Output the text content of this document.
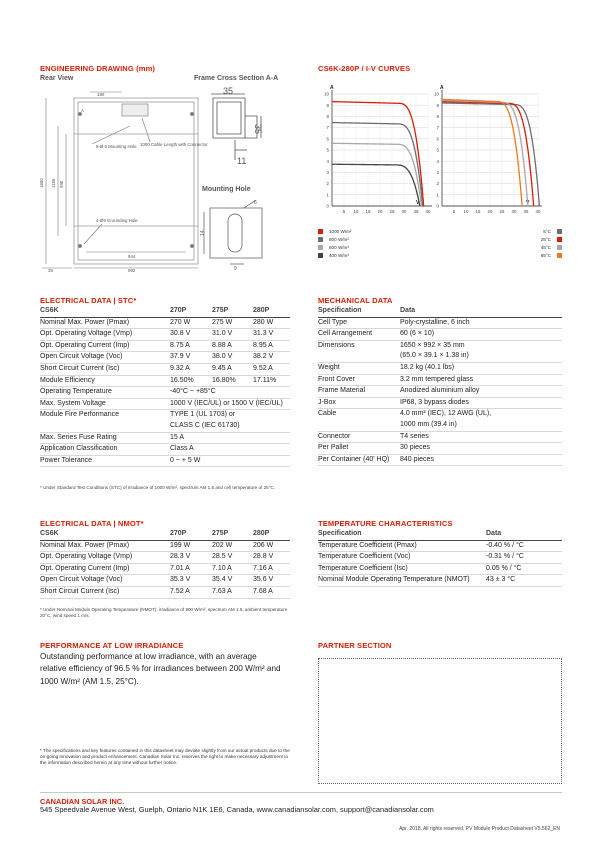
ENGINEERING DRAWING (mm)
Rear View	Frame Cross Section A-A
Mounting Hole
180
1650 1155 990
944
992
35
8-Ø 6 Mounting Hole 1000 Cable Length with Connector
4-Ø9 Grounding Hole
A
35
35
11
6
14
9
CS6K-280P / I-V CURVES
0
1
2
3
4
5
6
7
8
9
10
5 10 15 20 25 30 35 40
A
V
0
1
2
3
4
5
6
7
8
9
10
5 10 15 20 25 30 35 40
A
V
1000 W/m²
800 W/m²
600 W/m²
400 W/m²
5°C
25°C
45°C
65°C
ELECTRICAL DATA | STC*
CS6K	270P	275P	280P
Nominal Max. Power (Pmax)	270 W	275 W	280 W
Opt. Operating Voltage (Vmp)	30.8 V	31.0 V	31.3 V
Opt. Operating Current (Imp)	8.75 A	8.88 A	8.95 A
Open Circuit Voltage (Voc)	37.9 V	38.0 V	38.2 V
Short Circuit Current (Isc)	9.32 A	9.45 A	9.52 A
Module Efficiency	16.50%	16.80%	17.11%
Operating Temperature	-40°C ~ +85°C		
Max. System Voltage	1000 V (IEC/UL) or 1500 V (IEC/UL)		
Module Fire Performance	TYPE 1 (UL 1703) or		
	CLASS C (IEC 61730)		
Max. Series Fuse Rating	15 A		
Application Classification	Class A		
Power Tolerance	0 ~ + 5 W		
* Under Standard Test Conditions (STC) of irradiance of 1000 W/m², spectrum AM 1.5 and cell temperature of 25°C.
MECHANICAL DATA
Specification	Data
Cell Type	Poly-crystalline, 6 inch
Cell Arrangement	60 (6 × 10)
Dimensions	1650 × 992 × 35 mm
	(65.0 × 39.1 × 1.38 in)
Weight	18.2 kg (40.1 lbs)
Front Cover	3.2 mm tempered glass
Frame Material	Anodized aluminium alloy
J-Box	IP68, 3 bypass diodes
Cable	4.0 mm² (IEC), 12 AWG (UL),
	1000 mm (39.4 in)
Connector	T4 series
Per Pallet	30 pieces
Per Container (40' HQ)	840 pieces
ELECTRICAL DATA | NMOT*
CS6K	270P	275P	280P
Nominal Max. Power (Pmax)	199 W	202 W	206 W
Opt. Operating Voltage (Vmp)	28.3 V	28.5 V	28.8 V
Opt. Operating Current (Imp)	7.01 A	7.10 A	7.16 A
Open Circuit Voltage (Voc)	35.3 V	35.4 V	35.6 V
Short Circuit Current (Isc)	7.52 A	7.63 A	7.68 A
* Under Nominal Module Operating Temperature (NMOT), irradiance of 800 W/m², spectrum AM 1.5, ambient temperature 20°C, wind speed 1 m/s.
TEMPERATURE CHARACTERISTICS
Specification	Data
Temperature Coefficient (Pmax)	-0.40 % / °C
Temperature Coefficient (Voc)	-0.31 % / °C
Temperature Coefficient (Isc)	0.05 % / °C
Nominal Module Operating Temperature (NMOT)	43 ± 3 °C
PERFORMANCE AT LOW IRRADIANCE
Outstanding performance at low irradiance, with an average relative efficiency of 96.5 % for irradiances between 200 W/m² and 1000 W/m² (AM 1.5, 25°C).
PARTNER SECTION
* The specifications and key features contained in this datasheet may deviate slightly from our actual products due to the on-going innovation and product enhancement. Canadian Solar Inc. reserves the right to make necessary adjustment to the information described herein at any time without further notice.
CANADIAN SOLAR INC.
545 Speedvale Avenue West, Guelph, Ontario N1K 1E6, Canada, www.canadiansolar.com, support@canadiansolar.com
Apr. 2018. All rights reserved, PV Module Product Datasheet V5.562_EN
